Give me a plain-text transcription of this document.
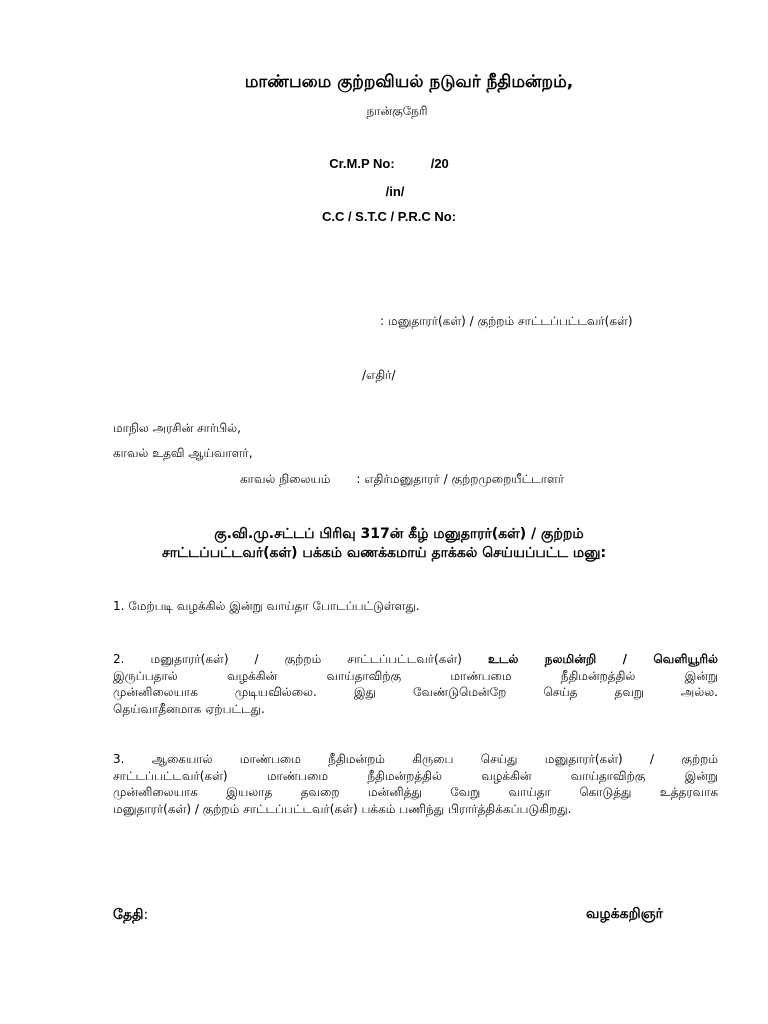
மாண்பமை குற்றவியல் நடுவர் நீதிமன்றம்,
நான்குநேரி
Cr.M.P No:	/20
/in/
C.C / S.T.C / P.R.C No:
: மனுதாரர்(கள்) / குற்றம் சாட்டப்பட்டவர்(கள்)
/எதிர்/
மாநில அரசின் சார்பில்,
காவல் உதவி ஆய்வாளர்,
காவல் நிலையம் : எதிர்மனுதாரர் / குற்றமுறையீட்டாளர்
கு.வி.மு.சட்டப் பிரிவு 317ன் கீழ் மனுதாரர்(கள்) / குற்றம்
சாட்டப்பட்டவர்(கள்) பக்கம் வணக்கமாய் தாக்கல் செய்யப்பட்ட மனு:
1. மேற்படி வழக்கில் இன்று வாய்தா போடப்பட்டுள்ளது.
2. மனுதாரர்(கள்) / குற்றம் சாட்டப்பட்டவர்(கள்) உடல் நலமின்றி / வெளியூரில்
இருப்பதால் வழக்கின் வாய்தாவிற்கு மாண்பமை நீதிமன்றத்தில் இன்று
முன்னிலையாக முடியவில்லை. இது வேண்டுமென்றே செய்த தவறு அல்ல.
தெய்வாதீனமாக ஏற்பட்டது.
3. ஆகையால் மாண்பமை நீதிமன்றம் கிருபை செய்து மனுதாரர்(கள்) / குற்றம்
சாட்டப்பட்டவர்(கள்) மாண்பமை நீதிமன்றத்தில் வழக்கின் வாய்தாவிற்கு இன்று
முன்னிலையாக இயலாத தவறை மன்னித்து வேறு வாய்தா கொடுத்து உத்தரவாக
மனுதாரர்(கள்) / குற்றம் சாட்டப்பட்டவர்(கள்) பக்கம் பணிந்து பிரார்த்திக்கப்படுகிறது.
தேதி:	வழக்கறிஞர்
